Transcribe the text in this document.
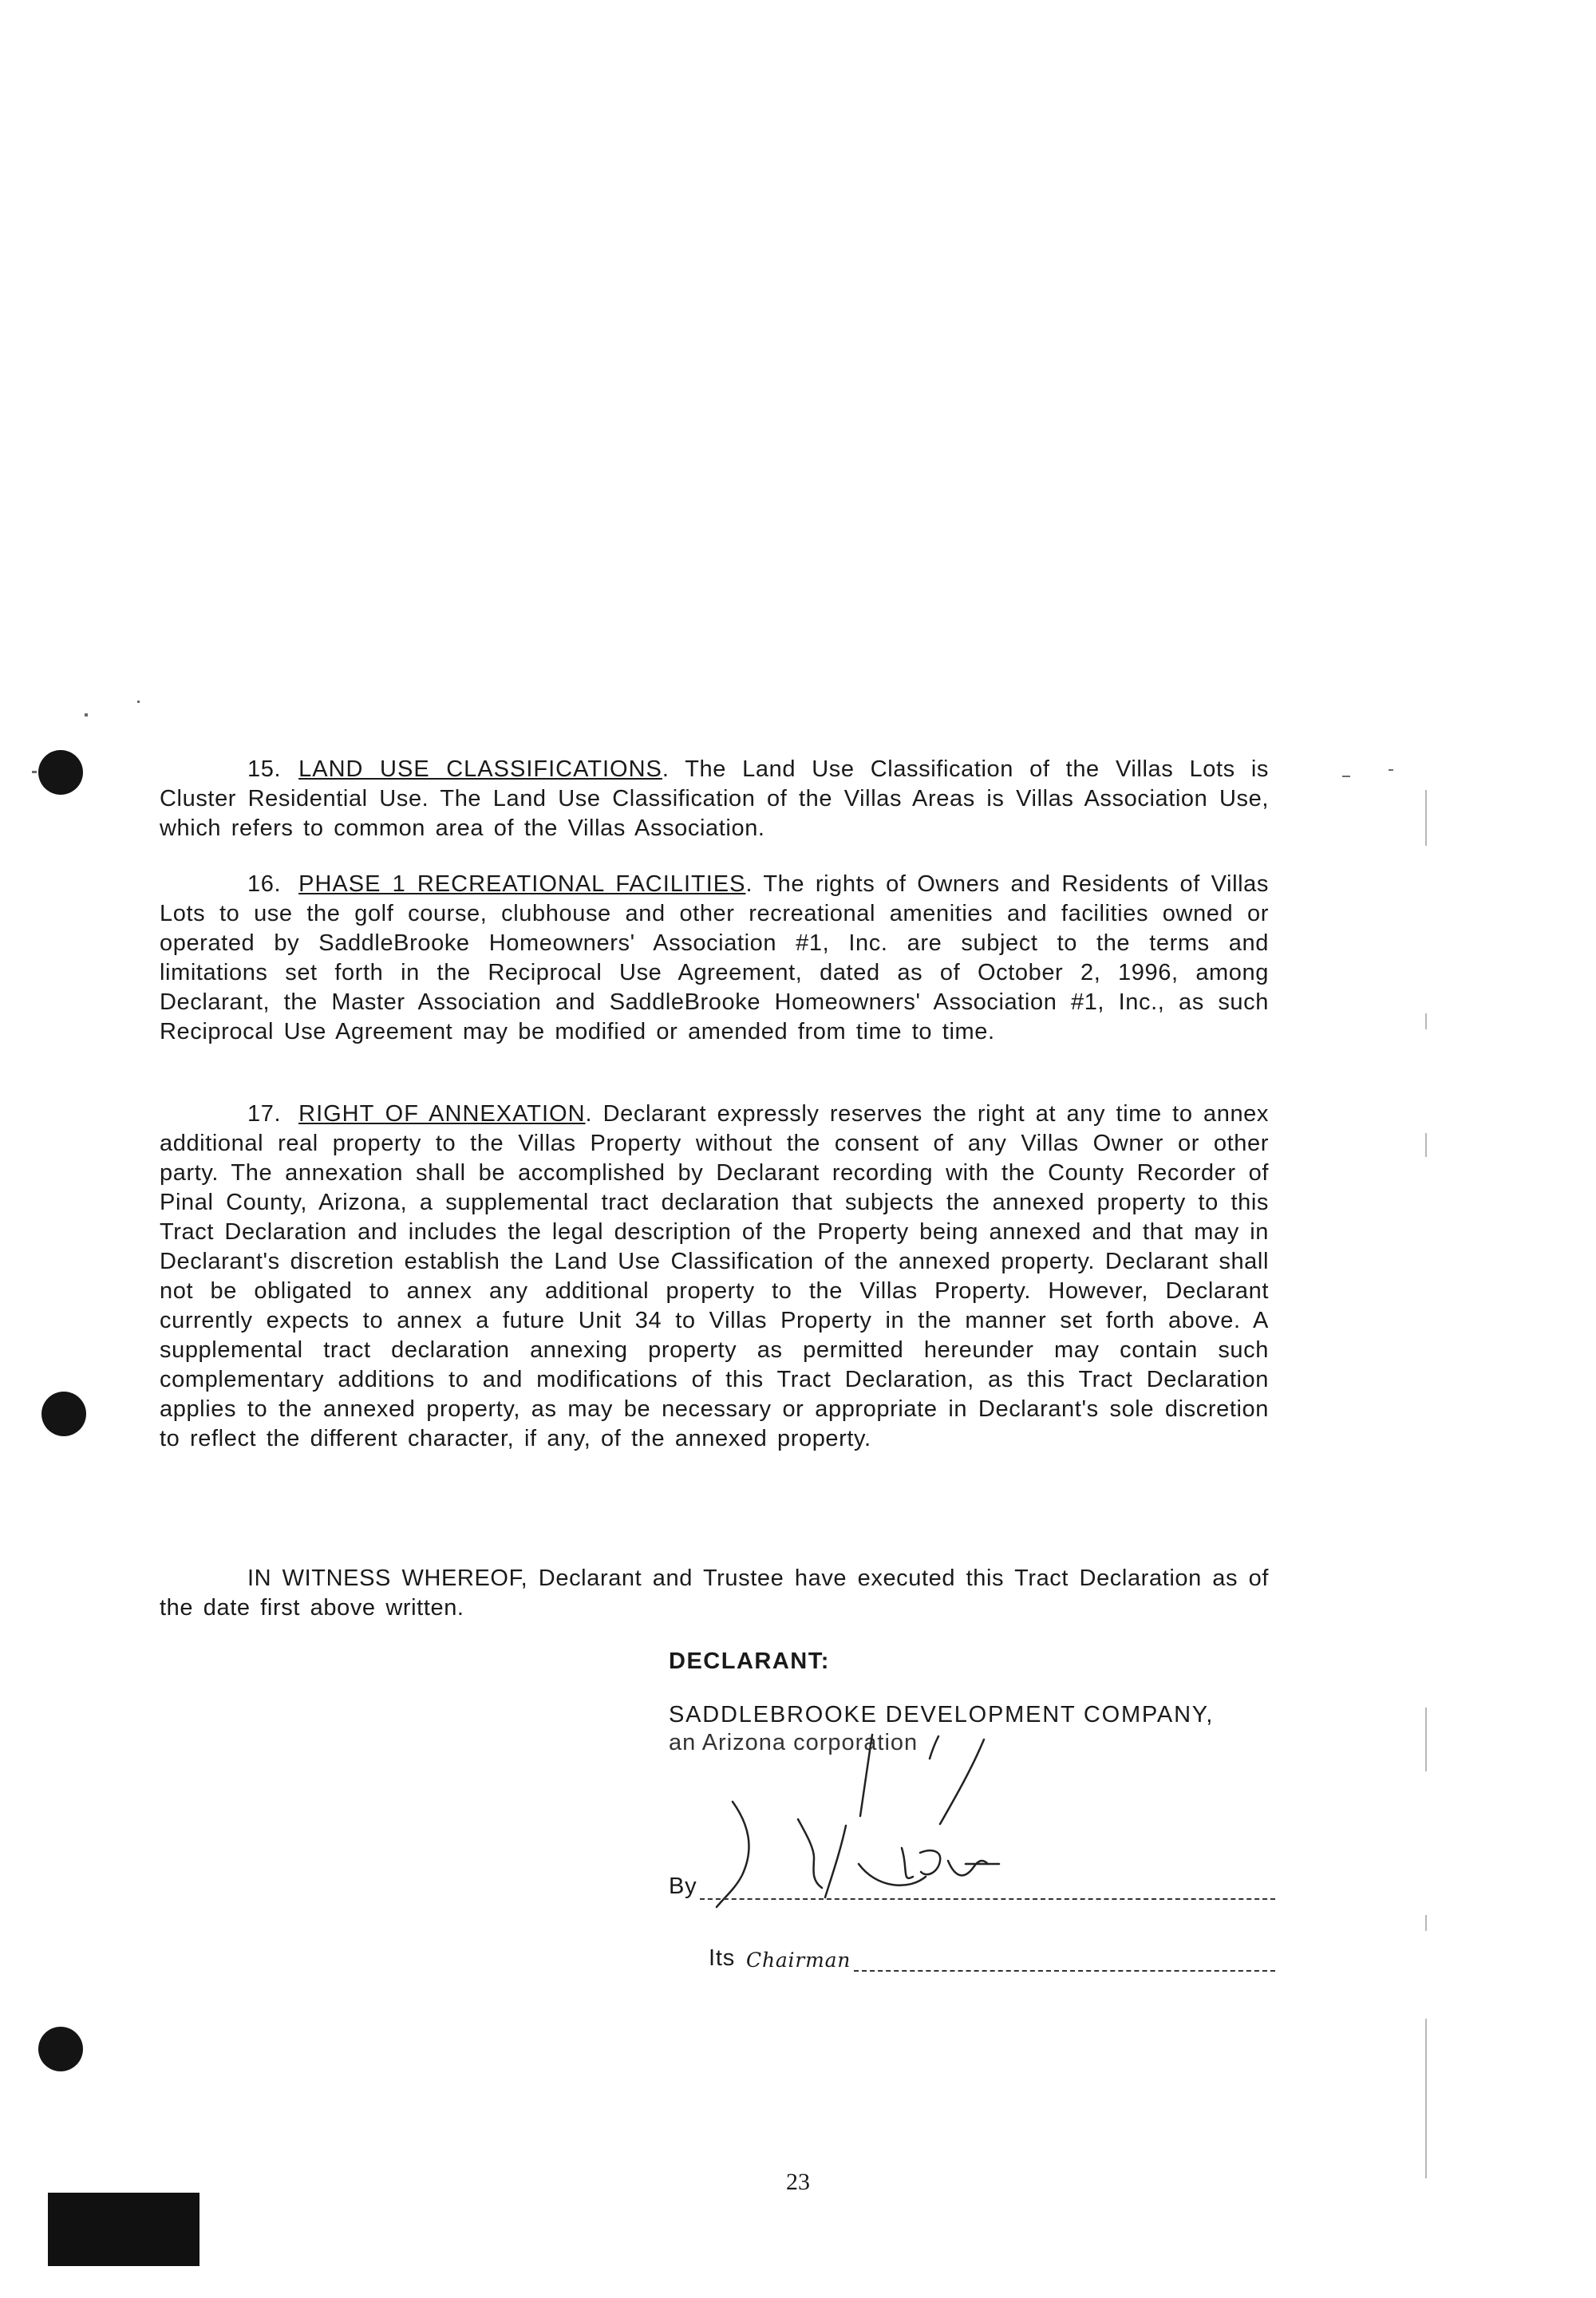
15. LAND USE CLASSIFICATIONS. The Land Use Classification of the Villas Lots is Cluster Residential Use. The Land Use Classification of the Villas Areas is Villas Association Use, which refers to common area of the Villas Association.

16. PHASE 1 RECREATIONAL FACILITIES. The rights of Owners and Residents of Villas Lots to use the golf course, clubhouse and other recreational amenities and facilities owned or operated by SaddleBrooke Homeowners' Association #1, Inc. are subject to the terms and limitations set forth in the Reciprocal Use Agreement, dated as of October 2, 1996, among Declarant, the Master Association and SaddleBrooke Homeowners' Association #1, Inc., as such Reciprocal Use Agreement may be modified or amended from time to time.

17. RIGHT OF ANNEXATION. Declarant expressly reserves the right at any time to annex additional real property to the Villas Property without the consent of any Villas Owner or other party. The annexation shall be accomplished by Declarant recording with the County Recorder of Pinal County, Arizona, a supplemental tract declaration that subjects the annexed property to this Tract Declaration and includes the legal description of the Property being annexed and that may in Declarant's discretion establish the Land Use Classification of the annexed property. Declarant shall not be obligated to annex any additional property to the Villas Property. However, Declarant currently expects to annex a future Unit 34 to Villas Property in the manner set forth above. A supplemental tract declaration annexing property as permitted hereunder may contain such complementary additions to and modifications of this Tract Declaration, as this Tract Declaration applies to the annexed property, as may be necessary or appropriate in Declarant's sole discretion to reflect the different character, if any, of the annexed property.

IN WITNESS WHEREOF, Declarant and Trustee have executed this Tract Declaration as of the date first above written.

DECLARANT:

SADDLEBROOKE DEVELOPMENT COMPANY,

an Arizona corporation

By
Its Chairman
23
